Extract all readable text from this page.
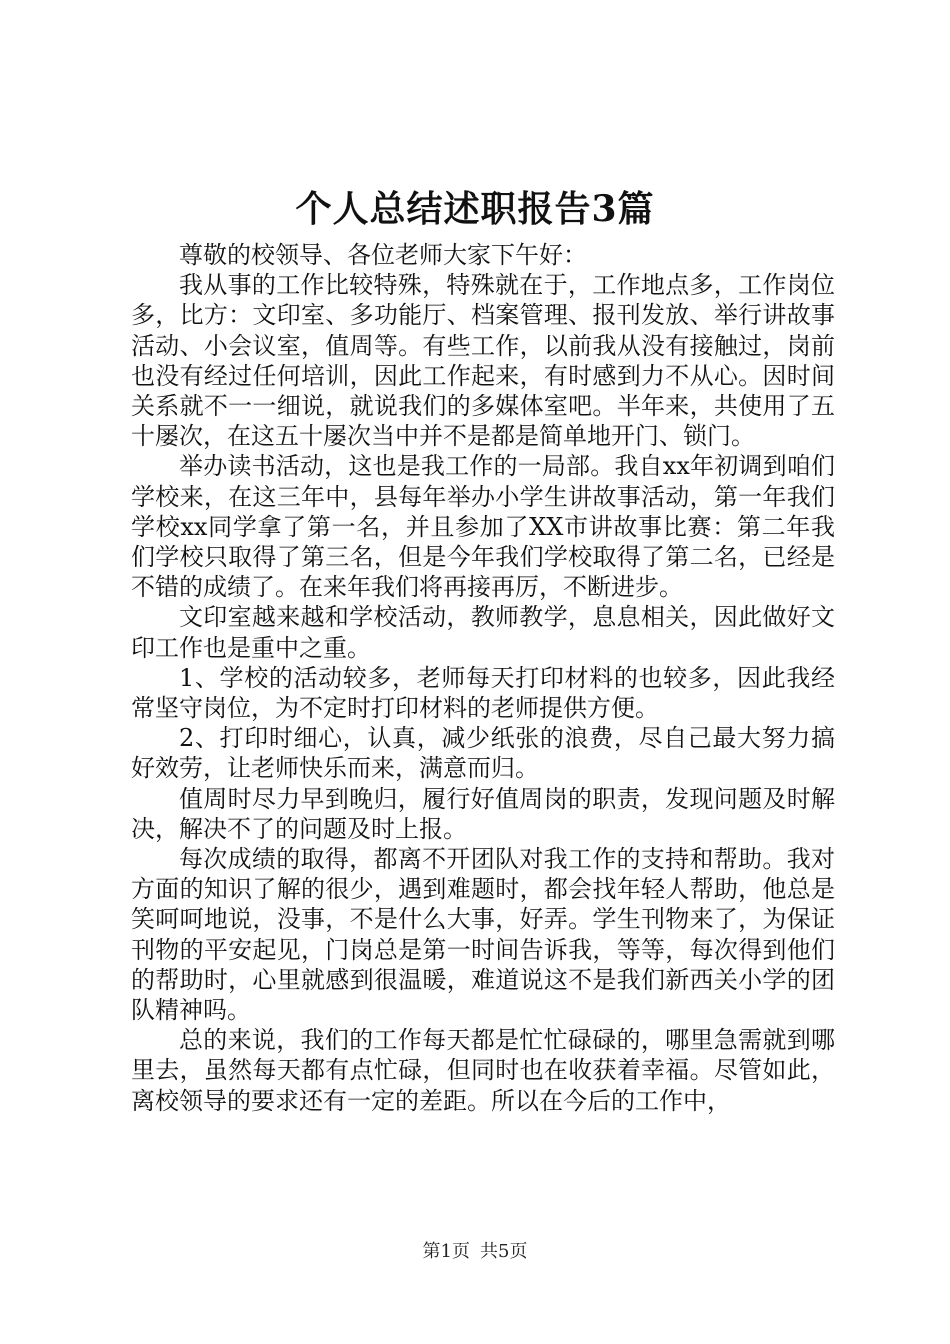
个人总结述职报告3篇

尊敬的校领导、各位老师大家下午好：

我从事的工作比较特殊，特殊就在于，工作地点多，工作岗位多，比方：文印室、多功能厅、档案管理、报刊发放、举行讲故事活动、小会议室，值周等。有些工作，以前我从没有接触过，岗前也没有经过任何培训，因此工作起来，有时感到力不从心。因时间关系就不一一细说，就说我们的多媒体室吧。半年来，共使用了五十屡次，在这五十屡次当中并不是都是简单地开门、锁门。

举办读书活动，这也是我工作的一局部。我自xx年初调到咱们学校来，在这三年中，县每年举办小学生讲故事活动，第一年我们学校xx同学拿了第一名，并且参加了XX市讲故事比赛：第二年我们学校只取得了第三名，但是今年我们学校取得了第二名，已经是不错的成绩了。在来年我们将再接再厉，不断进步。

文印室越来越和学校活动，教师教学，息息相关，因此做好文印工作也是重中之重。

1、学校的活动较多，老师每天打印材料的也较多，因此我经常坚守岗位，为不定时打印材料的老师提供方便。

2、打印时细心，认真，减少纸张的浪费，尽自己最大努力搞好效劳，让老师快乐而来，满意而归。

值周时尽力早到晚归，履行好值周岗的职责，发现问题及时解决，解决不了的问题及时上报。

每次成绩的取得，都离不开团队对我工作的支持和帮助。我对方面的知识了解的很少，遇到难题时，都会找年轻人帮助，他总是笑呵呵地说，没事，不是什么大事，好弄。学生刊物来了，为保证刊物的平安起见，门岗总是第一时间告诉我，等等，每次得到他们的帮助时，心里就感到很温暖，难道说这不是我们新西关小学的团队精神吗。

总的来说，我们的工作每天都是忙忙碌碌的，哪里急需就到哪里去，虽然每天都有点忙碌，但同时也在收获着幸福。尽管如此，离校领导的要求还有一定的差距。所以在今后的工作中，

第1页 共5页
